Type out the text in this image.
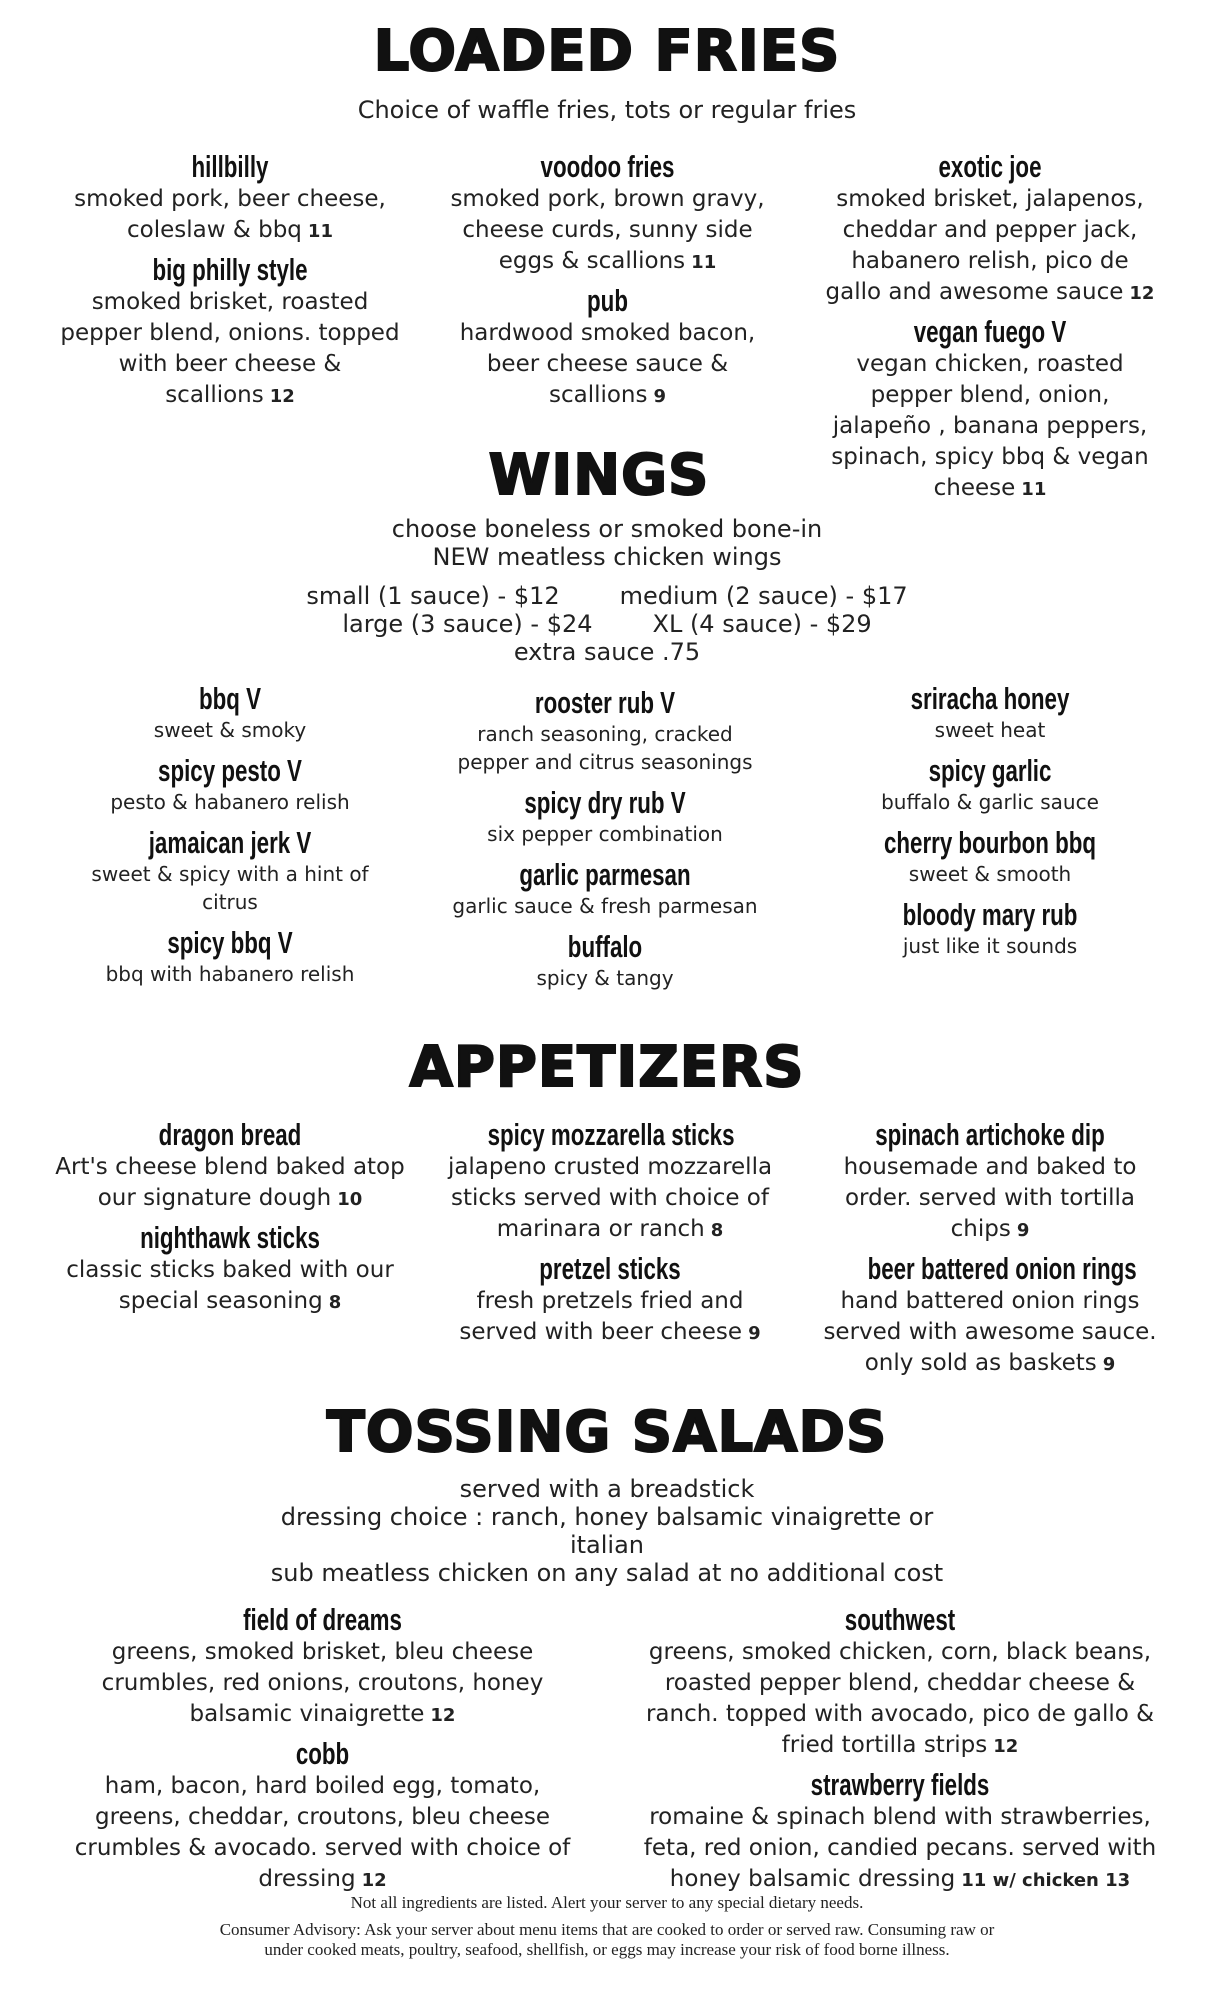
LOADED FRIES
Choice of waffle fries, tots or regular fries
hillbilly
smoked pork, beer cheese, coleslaw & bbq 11
big philly style
smoked brisket, roasted pepper blend, onions. topped with beer cheese & scallions 12
voodoo fries
smoked pork, brown gravy, cheese curds, sunny side eggs & scallions 11
pub
hardwood smoked bacon, beer cheese sauce & scallions 9
exotic joe
smoked brisket, jalapenos, cheddar and pepper jack, habanero relish, pico de gallo and awesome sauce 12
vegan fuego V
vegan chicken, roasted pepper blend, onion, jalapeño , banana peppers, spinach, spicy bbq & vegan cheese 11
WINGS
choose boneless or smoked bone-in
NEW meatless chicken wings
small (1 sauce) - $12	medium (2 sauce) - $17
large (3 sauce) - $24	XL (4 sauce) - $29
extra sauce .75
bbq V
sweet & smoky
spicy pesto V
pesto & habanero relish
jamaican jerk V
sweet & spicy with a hint of citrus
spicy bbq V
bbq with habanero relish
rooster rub V
ranch seasoning, cracked pepper and citrus seasonings
spicy dry rub V
six pepper combination
garlic parmesan
garlic sauce & fresh parmesan
buffalo
spicy & tangy
sriracha honey
sweet heat
spicy garlic
buffalo & garlic sauce
cherry bourbon bbq
sweet & smooth
bloody mary rub
just like it sounds
APPETIZERS
dragon bread
Art's cheese blend baked atop our signature dough 10
nighthawk sticks
classic sticks baked with our special seasoning 8
spicy mozzarella sticks
jalapeno crusted mozzarella sticks served with choice of marinara or ranch 8
pretzel sticks
fresh pretzels fried and served with beer cheese 9
spinach artichoke dip
housemade and baked to order. served with tortilla chips 9
beer battered onion rings
hand battered onion rings served with awesome sauce. only sold as baskets 9
TOSSING SALADS
served with a breadstick
dressing choice : ranch, honey balsamic vinaigrette or
italian
sub meatless chicken on any salad at no additional cost
field of dreams
greens, smoked brisket, bleu cheese crumbles, red onions, croutons, honey balsamic vinaigrette 12
cobb
ham, bacon, hard boiled egg, tomato, greens, cheddar, croutons, bleu cheese crumbles & avocado. served with choice of dressing 12
southwest
greens, smoked chicken, corn, black beans, roasted pepper blend, cheddar cheese & ranch. topped with avocado, pico de gallo & fried tortilla strips 12
strawberry fields
romaine & spinach blend with strawberries, feta, red onion, candied pecans. served with honey balsamic dressing 11 w/ chicken 13
Not all ingredients are listed. Alert your server to any special dietary needs.
Consumer Advisory: Ask your server about menu items that are cooked to order or served raw. Consuming raw or
under cooked meats, poultry, seafood, shellfish, or eggs may increase your risk of food borne illness.
